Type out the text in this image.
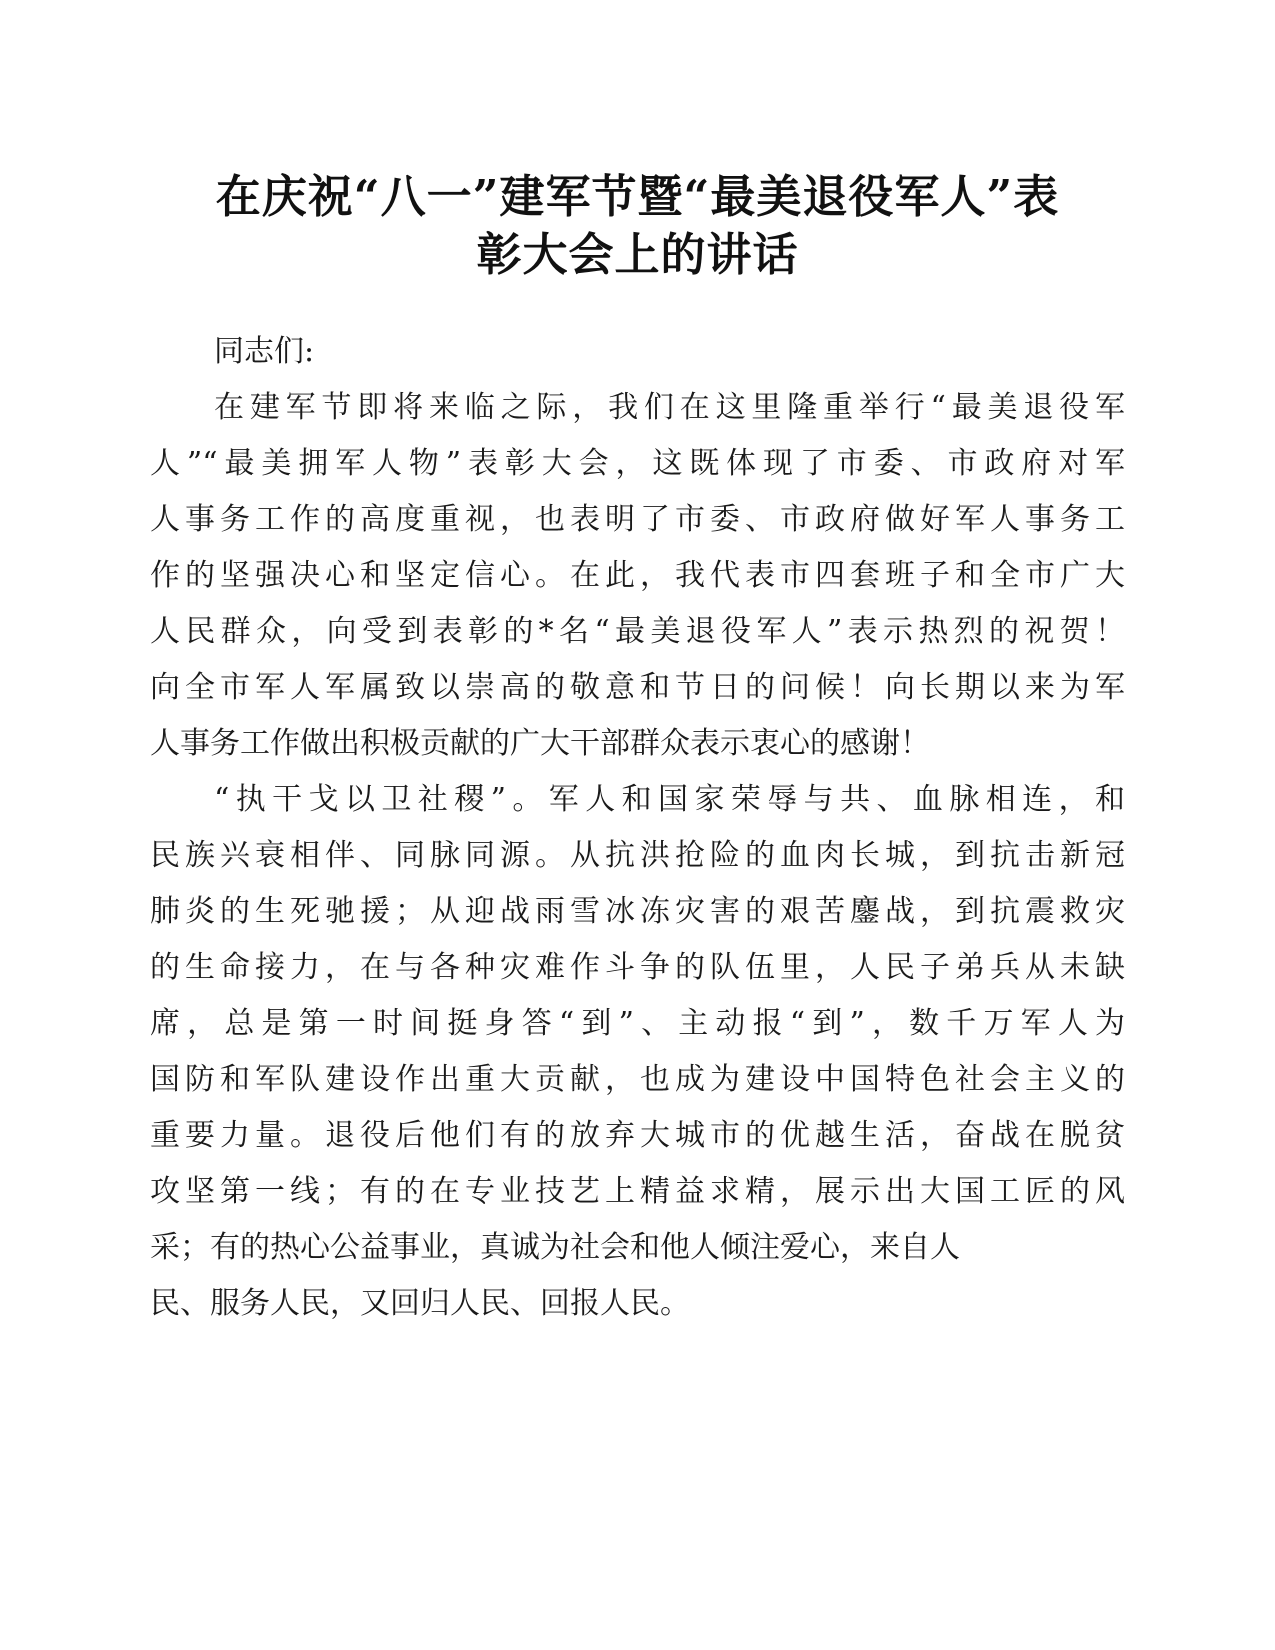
在庆祝“八一”建军节暨“最美退役军人”表
彰大会上的讲话
同志们:
在建军节即将来临之际，我们在这里隆重举行“最美退役军
人”“最美拥军人物”表彰大会，这既体现了市委、市政府对军
人事务工作的高度重视，也表明了市委、市政府做好军人事务工
作的坚强决心和坚定信心。在此，我代表市四套班子和全市广大
人民群众，向受到表彰的*名“最美退役军人”表示热烈的祝贺！
向全市军人军属致以崇高的敬意和节日的问候！向长期以来为军
人事务工作做出积极贡献的广大干部群众表示衷心的感谢！
“执干戈以卫社稷”。军人和国家荣辱与共、血脉相连，和
民族兴衰相伴、同脉同源。从抗洪抢险的血肉长城，到抗击新冠
肺炎的生死驰援；从迎战雨雪冰冻灾害的艰苦鏖战，到抗震救灾
的生命接力，在与各种灾难作斗争的队伍里，人民子弟兵从未缺
席，总是第一时间挺身答“到”、主动报“到”，数千万军人为
国防和军队建设作出重大贡献，也成为建设中国特色社会主义的
重要力量。退役后他们有的放弃大城市的优越生活，奋战在脱贫
攻坚第一线；有的在专业技艺上精益求精，展示出大国工匠的风
采；有的热心公益事业，真诚为社会和他人倾注爱心，来自人
民、服务人民，又回归人民、回报人民。
